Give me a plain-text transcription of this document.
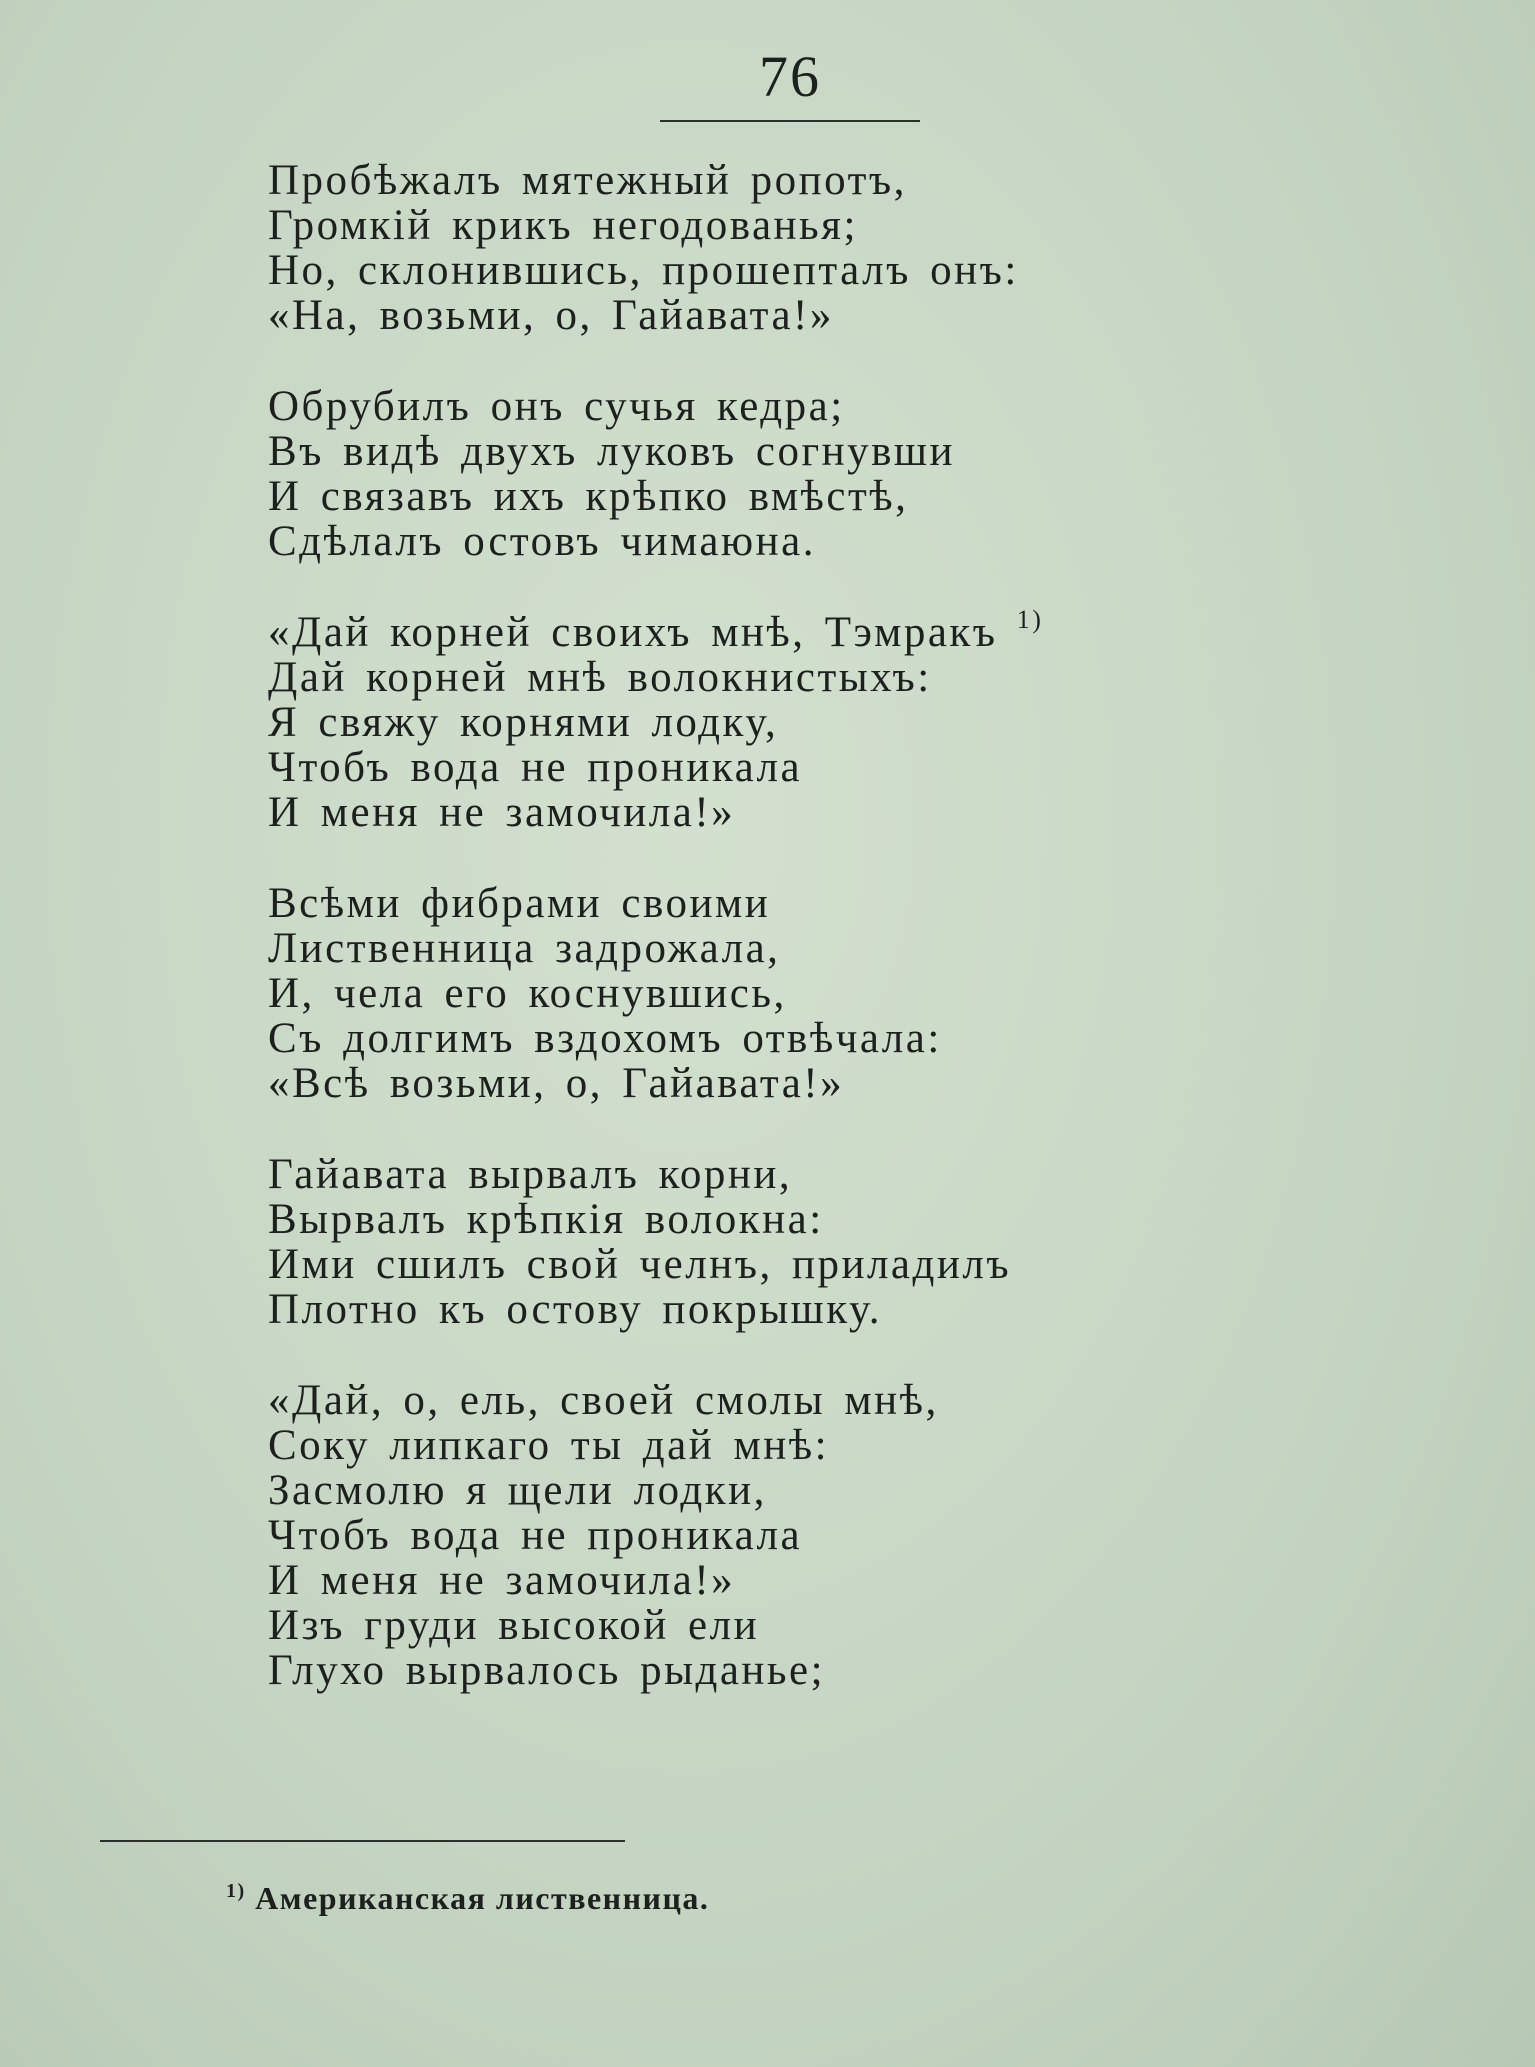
76
Пробѣжалъ мятежный ропотъ,
Громкій крикъ негодованья;
Но, склонившись, прошепталъ онъ:
«На, возьми, о, Гайавата!»
Обрубилъ онъ сучья кедра;
Въ видѣ двухъ луковъ согнувши
И связавъ ихъ крѣпко вмѣстѣ,
Сдѣлалъ остовъ чимаюна.
«Дай корней своихъ мнѣ, Тэмракъ $^{1)}$
Дай корней мнѣ волокнистыхъ:
Я свяжу корнями лодку,
Чтобъ вода не проникала
И меня не замочила!»
Всѣми фибрами своими
Лиственница задрожала,
И, чела его коснувшись,
Съ долгимъ вздохомъ отвѣчала:
«Всѣ возьми, о, Гайавата!»
Гайавата вырвалъ корни,
Вырвалъ крѣпкія волокна:
Ими сшилъ свой челнъ, приладилъ
Плотно къ остову покрышку.
«Дай, о, ель, своей смолы мнѣ,
Соку липкаго ты дай мнѣ:
Засмолю я щели лодки,
Чтобъ вода не проникала
И меня не замочила!»
Изъ груди высокой ели
Глухо вырвалось рыданье;
$^{1)}$ Американская лиственница.
